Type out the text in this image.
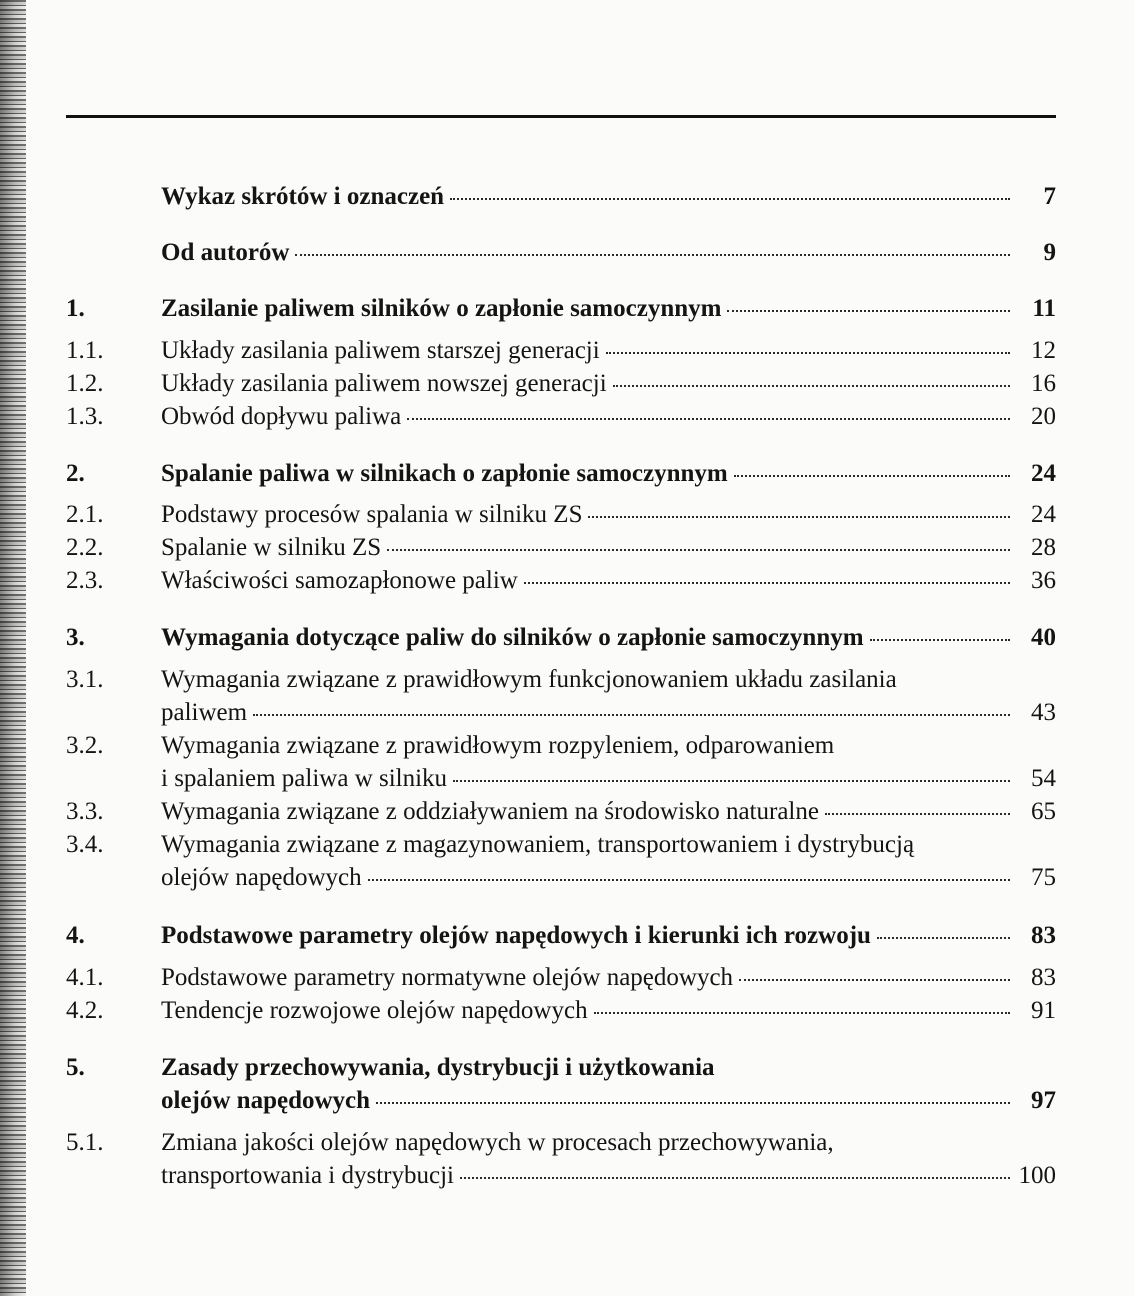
Wykaz skrótów i oznaczeń	7
Od autorów	9
1.	Zasilanie paliwem silników o zapłonie samoczynnym	11
1.1. Układy zasilania paliwem starszej generacji	12
1.2. Układy zasilania paliwem nowszej generacji	16
1.3. Obwód dopływu paliwa	20
2.	Spalanie paliwa w silnikach o zapłonie samoczynnym	24
2.1. Podstawy procesów spalania w silniku ZS	24
2.2. Spalanie w silniku ZS	28
2.3. Właściwości samozapłonowe paliw	36
3.	Wymagania dotyczące paliw do silników o zapłonie samoczynnym	40
3.1. Wymagania związane z prawidłowym funkcjonowaniem układu zasilania
paliwem	43
3.2. Wymagania związane z prawidłowym rozpyleniem, odparowaniem
i spalaniem paliwa w silniku	54
3.3. Wymagania związane z oddziaływaniem na środowisko naturalne	65
3.4. Wymagania związane z magazynowaniem, transportowaniem i dystrybucją
olejów napędowych	75
4.	Podstawowe parametry olejów napędowych i kierunki ich rozwoju	83
4.1. Podstawowe parametry normatywne olejów napędowych	83
4.2. Tendencje rozwojowe olejów napędowych	91
5.	Zasady przechowywania, dystrybucji i użytkowania
olejów napędowych	97
5.1. Zmiana jakości olejów napędowych w procesach przechowywania,
transportowania i dystrybucji	100
